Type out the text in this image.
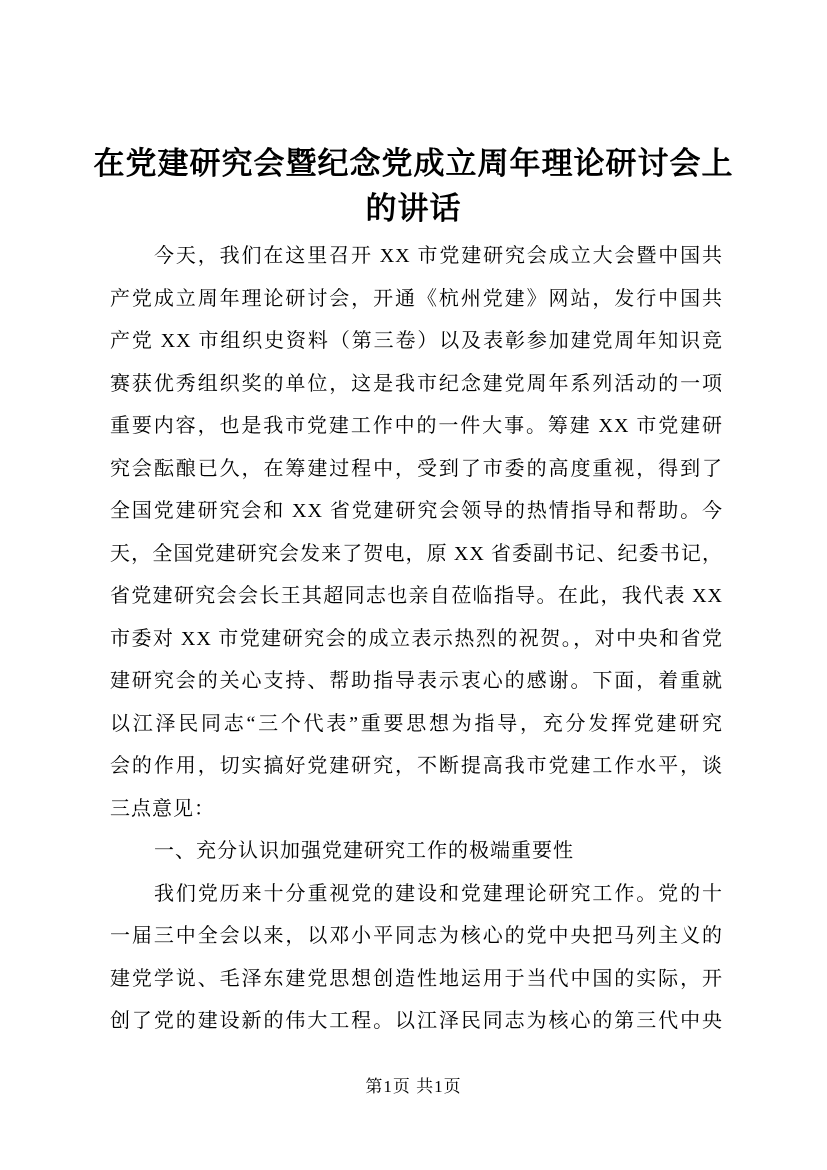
在党建研究会暨纪念党成立周年理论研讨会上
的讲话
今天，我们在这里召开 XX 市党建研究会成立大会暨中国共
产党成立周年理论研讨会，开通《杭州党建》网站，发行中国共
产党 XX 市组织史资料（第三卷）以及表彰参加建党周年知识竞
赛获优秀组织奖的单位，这是我市纪念建党周年系列活动的一项
重要内容，也是我市党建工作中的一件大事。筹建 XX 市党建研
究会酝酿已久，在筹建过程中，受到了市委的高度重视，得到了
全国党建研究会和 XX 省党建研究会领导的热情指导和帮助。今
天，全国党建研究会发来了贺电，原 XX 省委副书记、纪委书记，
省党建研究会会长王其超同志也亲自莅临指导。在此，我代表 XX
市委对 XX 市党建研究会的成立表示热烈的祝贺。，对中央和省党
建研究会的关心支持、帮助指导表示衷心的感谢。下面，着重就
以江泽民同志“三个代表”重要思想为指导，充分发挥党建研究
会的作用，切实搞好党建研究，不断提高我市党建工作水平，谈
三点意见：
一、充分认识加强党建研究工作的极端重要性
我们党历来十分重视党的建设和党建理论研究工作。党的十
一届三中全会以来，以邓小平同志为核心的党中央把马列主义的
建党学说、毛泽东建党思想创造性地运用于当代中国的实际，开
创了党的建设新的伟大工程。以江泽民同志为核心的第三代中央
第1页 共1页
